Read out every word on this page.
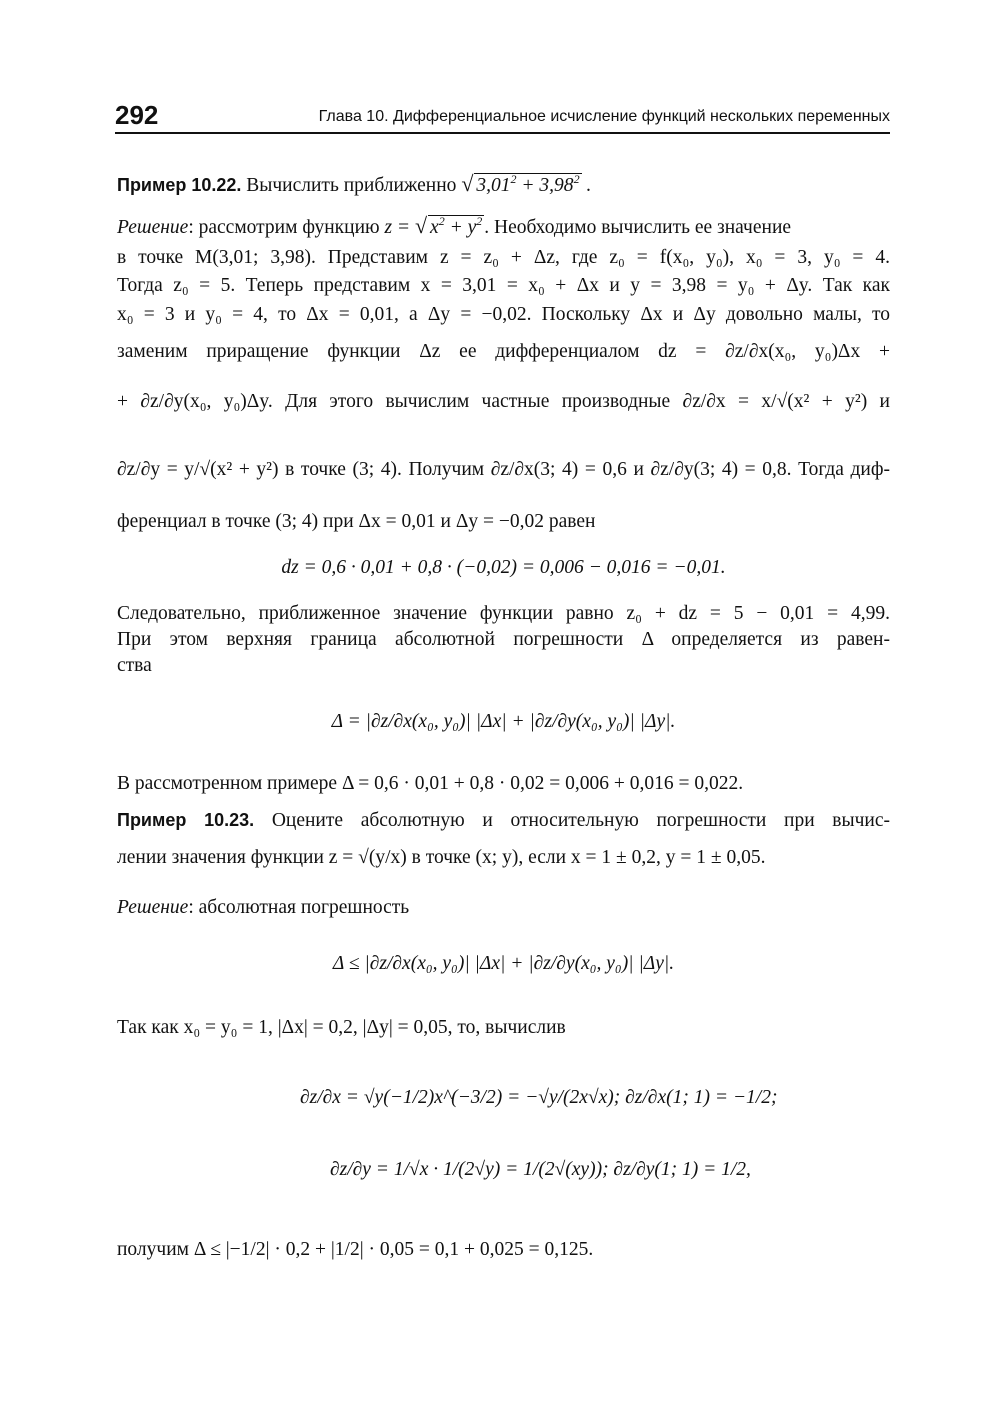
292	Глава 10. Дифференциальное исчисление функций нескольких переменных
Пример 10.22. Вычислить приближенно √ $3,01^2 + 3,98^2$ .
Решение: рассмотрим функцию z = √ $x^2 + y^2$ . Необходимо вычислить ее значение
в точке M(3,01; 3,98). Представим z = z₀ + Δz, где z₀ = f(x₀, y₀), x₀ = 3, y₀ = 4.
Тогда z₀ = 5. Теперь представим x = 3,01 = x₀ + Δx и y = 3,98 = y₀ + Δy. Так как
x₀ = 3 и y₀ = 4, то Δx = 0,01, а Δy = −0,02. Поскольку Δx и Δy довольно малы, то
заменим приращение функции Δz ее дифференциалом dz = ∂z/∂x(x₀, y₀)Δx +
+ ∂z/∂y(x₀, y₀)Δy. Для этого вычислим частные производные ∂z/∂x = x/√(x² + y²) и
∂z/∂y = y/√(x² + y²) в точке (3; 4). Получим ∂z/∂x(3; 4) = 0,6 и ∂z/∂y(3; 4) = 0,8. Тогда диф-
ференциал в точке (3; 4) при Δx = 0,01 и Δy = −0,02 равен
dz = 0,6 · 0,01 + 0,8 · (−0,02) = 0,006 − 0,016 = −0,01.
Следовательно, приближенное значение функции равно z₀ + dz = 5 − 0,01 = 4,99.
При этом верхняя граница абсолютной погрешности Δ определяется из равен-
ства
Δ = |∂z/∂x(x₀, y₀)| |Δx| + |∂z/∂y(x₀, y₀)| |Δy|.
В рассмотренном примере Δ = 0,6 · 0,01 + 0,8 · 0,02 = 0,006 + 0,016 = 0,022.
Пример 10.23. Оцените абсолютную и относительную погрешности при вычис-
лении значения функции z = √(y/x) в точке (x; y), если x = 1 ± 0,2, y = 1 ± 0,05.
Решение: абсолютная погрешность
Δ ≤ |∂z/∂x(x₀, y₀)| |Δx| + |∂z/∂y(x₀, y₀)| |Δy|.
Так как x₀ = y₀ = 1, |Δx| = 0,2, |Δy| = 0,05, то, вычислив
∂z/∂x = √y(−1/2)x^(−3/2) = −√y/(2x√x); ∂z/∂x(1; 1) = −1/2;
∂z/∂y = 1/√x · 1/(2√y) = 1/(2√(xy)); ∂z/∂y(1; 1) = 1/2,
получим Δ ≤ |−1/2| · 0,2 + |1/2| · 0,05 = 0,1 + 0,025 = 0,125.
